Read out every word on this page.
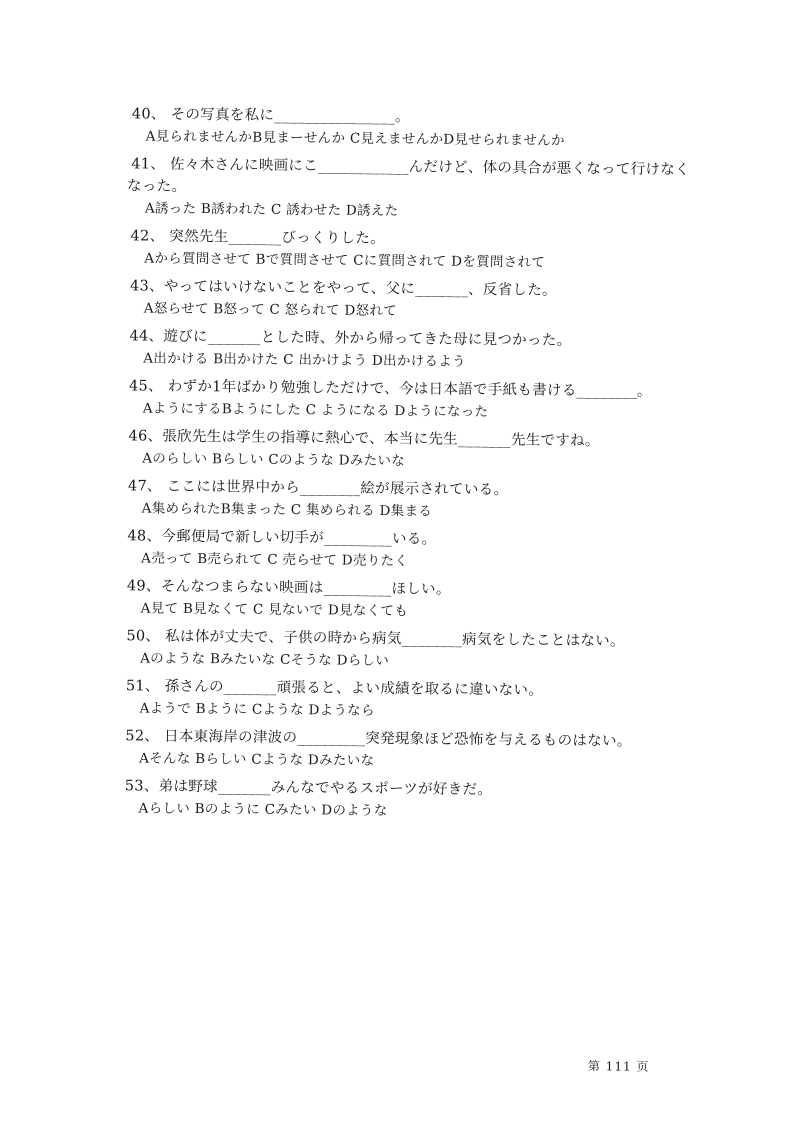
40、 その写真を私に________________。
A見られませんかB見まーせんか C見えませんかD見せられませんか
41、 佐々木さんに映画にこ____________んだけど、体の具合が悪くなって行けなく
なった。
A誘った B誘われた C 誘わせた D誘えた
42、 突然先生_______びっくりした。
Aから質問させて Bで質問させて Cに質問されて Dを質問されて
43、やってはいけないことをやって、父に_______、反省した。
A怒らせて B怒って C 怒られて D怒れて
44、遊びに_______とした時、外から帰ってきた母に見つかった。
A出かける B出かけた C 出かけよう D出かけるよう
45、 わずか1年ばかり勉強しただけで、今は日本語で手紙も書ける________。
AようにするBようにした C ようになる Dようになった
46、張欣先生は学生の指導に熱心で、本当に先生_______先生ですね。
Aのらしい Bらしい Cのような Dみたいな
47、 ここには世界中から________絵が展示されている。
A集められたB集まった C 集められる D集まる
48、今郵便局で新しい切手が_________いる。
A売って B売られて C 売らせて D売りたく
49、そんなつまらない映画は_________ほしい。
A見て B見なくて C 見ないで D見なくても
50、 私は体が丈夫で、子供の時から病気________病気をしたことはない。
Aのような Bみたいな Cそうな Dらしい
51、 孫さんの_______頑張ると、よい成績を取るに違いない。
Aようで Bように Cような Dようなら
52、 日本東海岸の津波の_________突発現象ほど恐怖を与えるものはない。
Aそんな Bらしい Cような Dみたいな
53、弟は野球_______みんなでやるスポーツが好きだ。
Aらしい Bのように Cみたい Dのような
第 111 页
